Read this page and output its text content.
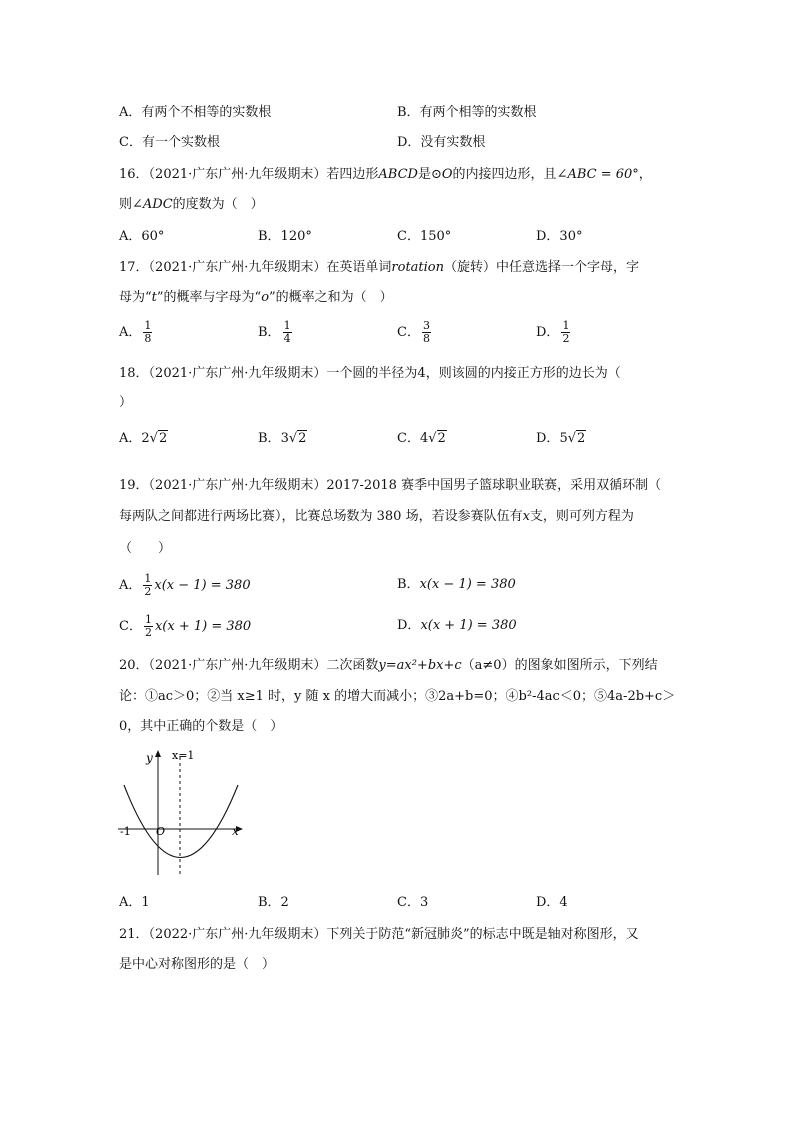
A．有两个不相等的实数根	B．有两个相等的实数根
C．有一个实数根	D．没有实数根
16．（2021·广东广州·九年级期末）若四边形ABCD是⊙O的内接四边形，且∠ABC = 60°，
则∠ADC的度数为（　）
A．60°	B．120°	C．150°	D．30°
17．（2021·广东广州·九年级期末）在英语单词rotation（旋转）中任意选择一个字母，字
母为“t”的概率与字母为“o”的概率之和为（　）
A． $\frac{1}{8}$	B． $\frac{1}{4}$	C． $\frac{3}{8}$	D． $\frac{1}{2}$
18．（2021·广东广州·九年级期末）一个圆的半径为4，则该圆的内接正方形的边长为（
）
A．2√2	B．3√2	C．4√2	D．5√2
19．（2021·广东广州·九年级期末）2017-2018 赛季中国男子篮球职业联赛，采用双循环制（
每两队之间都进行两场比赛），比赛总场数为 380 场，若设参赛队伍有x支，则可列方程为
（　　）
A． $\frac{1}{2} x(x - 1) = 380$	B．x(x − 1) = 380
C． $\frac{1}{2} x(x + 1) = 380$	D．x(x + 1) = 380
20．（2021·广东广州·九年级期末）二次函数y=ax²+bx+c（a≠0）的图象如图所示，下列结
论：①ac＞0；②当 x≥1 时，y 随 x 的增大而减小；③2a+b=0；④b²-4ac＜0；⑤4a-2b+c＞
0，其中正确的个数是（　）
y x=1
-1 O	x
A．1	B．2	C．3	D．4
21．（2022·广东广州·九年级期末）下列关于防范“新冠肺炎”的标志中既是轴对称图形，又
是中心对称图形的是（　）
